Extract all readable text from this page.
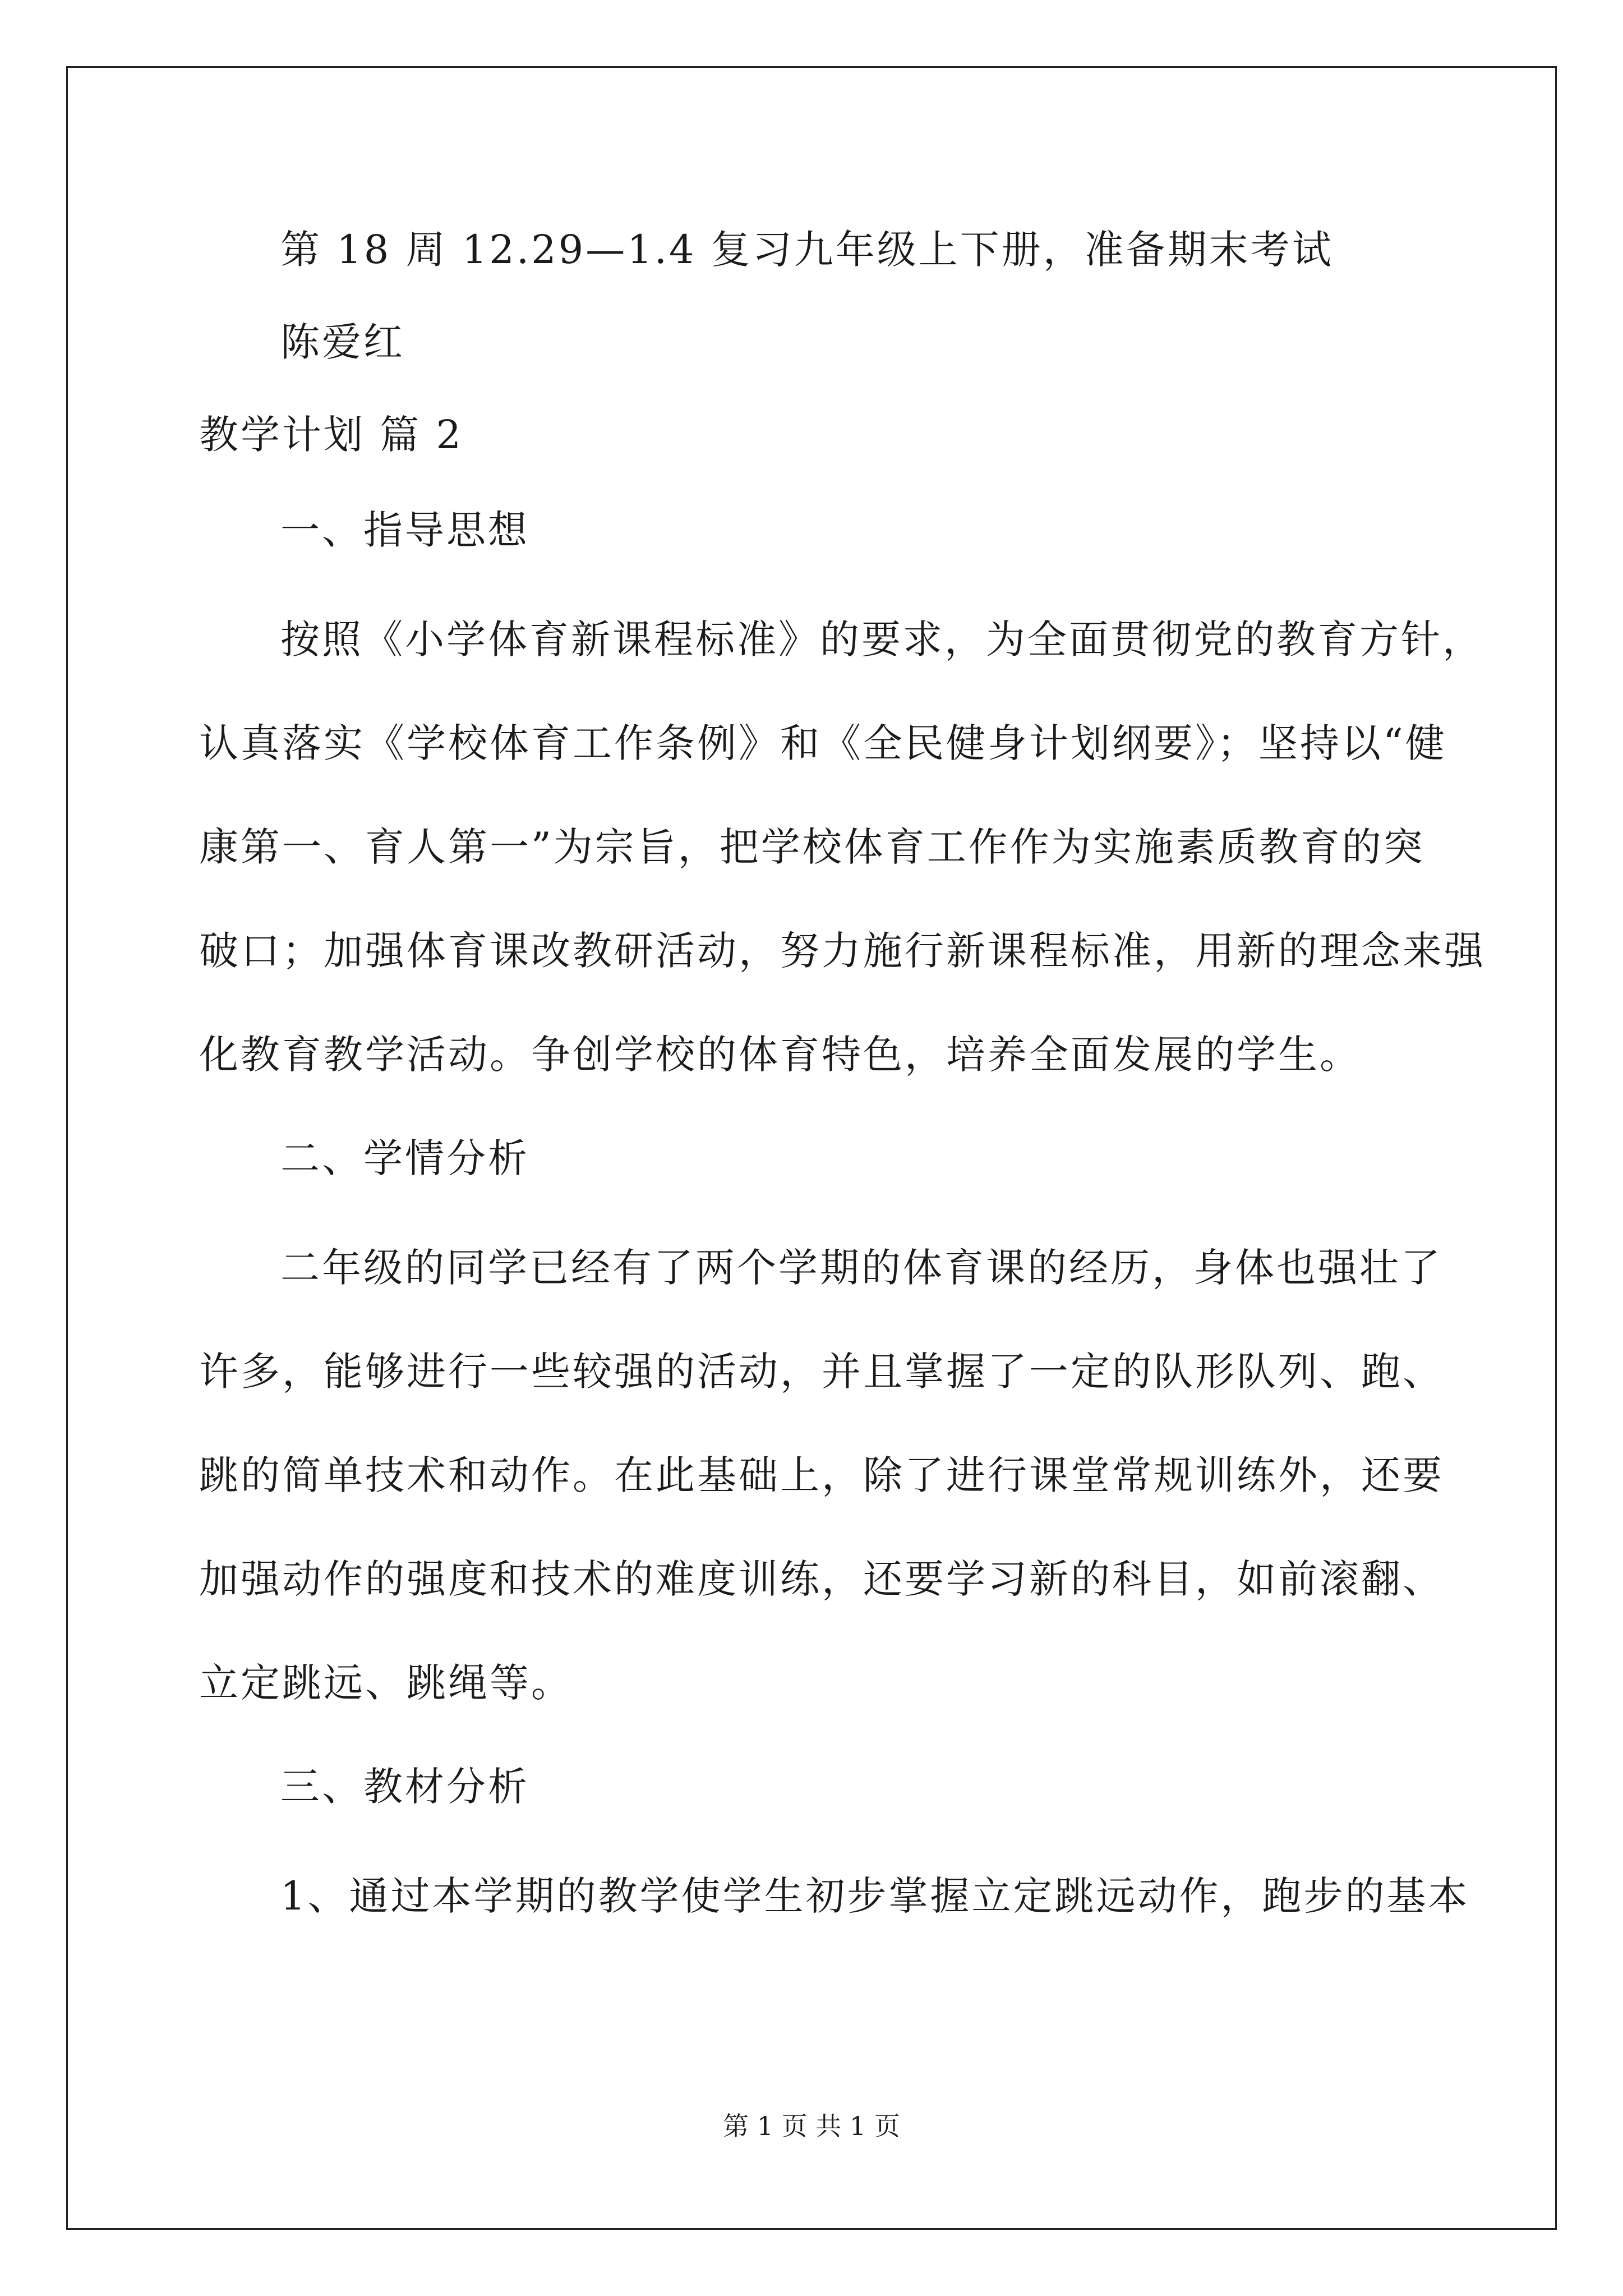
第 18 周 12.29—1.4 复习九年级上下册，准备期末考试
陈爱红
教学计划 篇 2
一、指导思想
按照《小学体育新课程标准》的要求，为全面贯彻党的教育方针，
认真落实《学校体育工作条例》和《全民健身计划纲要》；坚持以“健
康第一、育人第一”为宗旨，把学校体育工作作为实施素质教育的突
破口；加强体育课改教研活动，努力施行新课程标准，用新的理念来强
化教育教学活动。争创学校的体育特色，培养全面发展的学生。
二、学情分析
二年级的同学已经有了两个学期的体育课的经历，身体也强壮了
许多，能够进行一些较强的活动，并且掌握了一定的队形队列、跑、
跳的简单技术和动作。在此基础上，除了进行课堂常规训练外，还要
加强动作的强度和技术的难度训练，还要学习新的科目，如前滚翻、
立定跳远、跳绳等。
三、教材分析
1、通过本学期的教学使学生初步掌握立定跳远动作，跑步的基本
第 1 页 共 1 页
